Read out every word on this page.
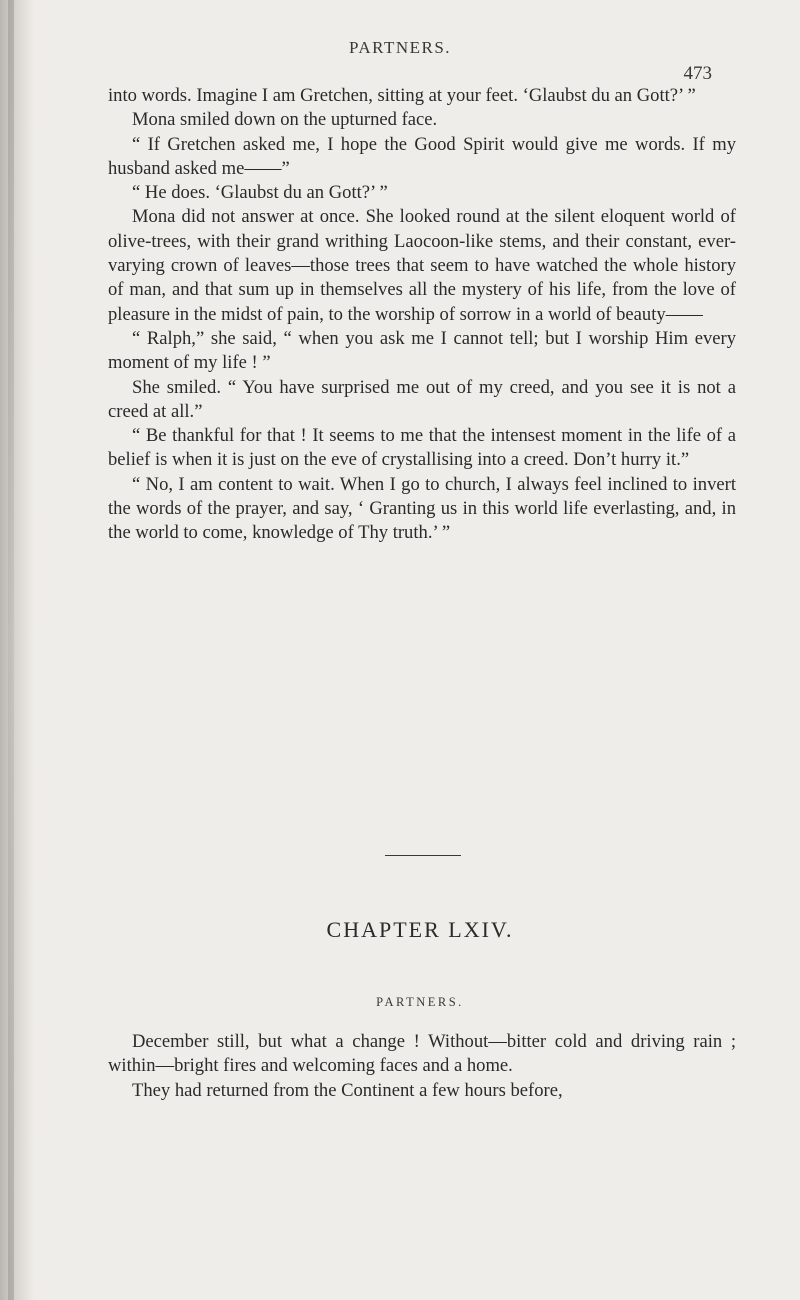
PARTNERS.
473

into words. Imagine I am Gretchen, sitting at your feet. ‘Glaubst du an Gott?’ ”

Mona smiled down on the upturned face.

“ If Gretchen asked me, I hope the Good Spirit would give me words. If my husband asked me——”

“ He does. ‘Glaubst du an Gott?’ ”

Mona did not answer at once. She looked round at the silent eloquent world of olive-trees, with their grand writhing Laocoon-like stems, and their constant, ever-varying crown of leaves—those trees that seem to have watched the whole history of man, and that sum up in themselves all the mystery of his life, from the love of pleasure in the midst of pain, to the worship of sorrow in a world of beauty——

“ Ralph,” she said, “ when you ask me I cannot tell; but I worship Him every moment of my life ! ”

She smiled. “ You have surprised me out of my creed, and you see it is not a creed at all.”

“ Be thankful for that ! It seems to me that the intensest moment in the life of a belief is when it is just on the eve of crystallising into a creed. Don’t hurry it.”

“ No, I am content to wait. When I go to church, I always feel inclined to invert the words of the prayer, and say, ‘ Granting us in this world life everlasting, and, in the world to come, knowledge of Thy truth.’ ”

CHAPTER LXIV.
PARTNERS.

December still, but what a change ! Without—bitter cold and driving rain ; within—bright fires and welcoming faces and a home.

They had returned from the Continent a few hours before,
